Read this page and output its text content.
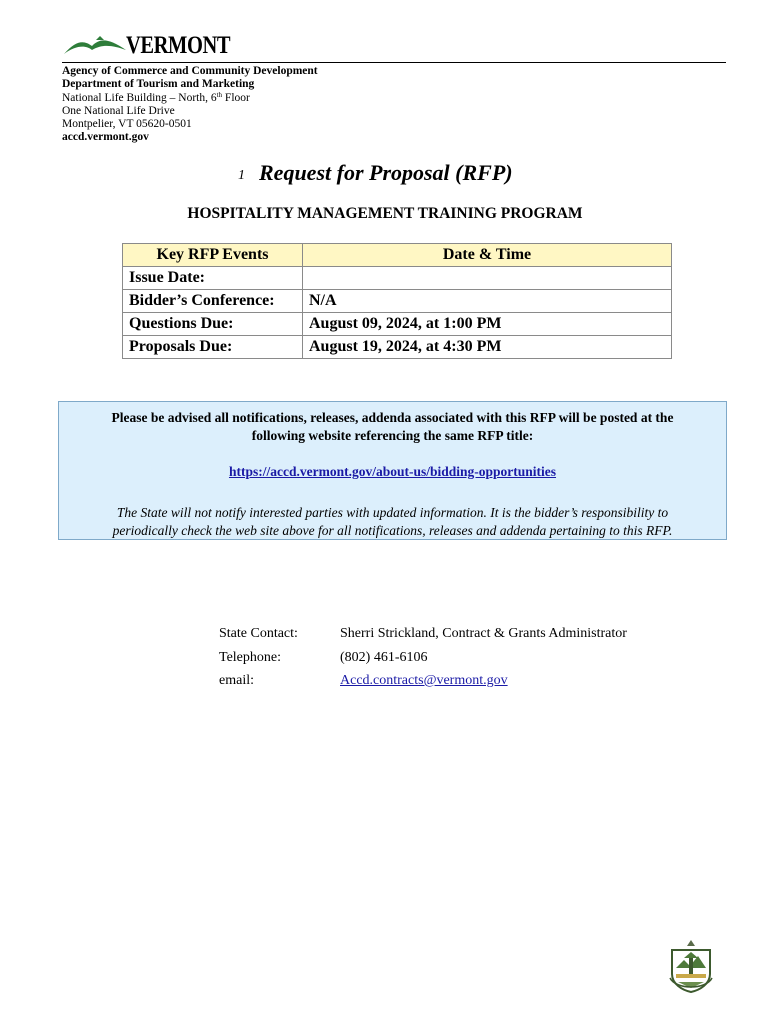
VERMONT
Agency of Commerce and Community Development
Department of Tourism and Marketing
National Life Building – North, 6th Floor
One National Life Drive
Montpelier, VT 05620-0501
accd.vermont.gov
1 Request for Proposal (RFP)
HOSPITALITY MANAGEMENT TRAINING PROGRAM
Key RFP Events	Date & Time
Issue Date:	
Bidder’s Conference:	N/A
Questions Due:	August 09, 2024, at 1:00 PM
Proposals Due:	August 19, 2024, at 4:30 PM
Please be advised all notifications, releases, addenda associated with this RFP will be posted at the
following website referencing the same RFP title:
https://accd.vermont.gov/about-us/bidding-opportunities
The State will not notify interested parties with updated information. It is the bidder’s responsibility to
periodically check the web site above for all notifications, releases and addenda pertaining to this RFP.
State Contact:	Sherri Strickland, Contract & Grants Administrator
Telephone:	(802) 461-6106
email:	Accd.contracts@vermont.gov
